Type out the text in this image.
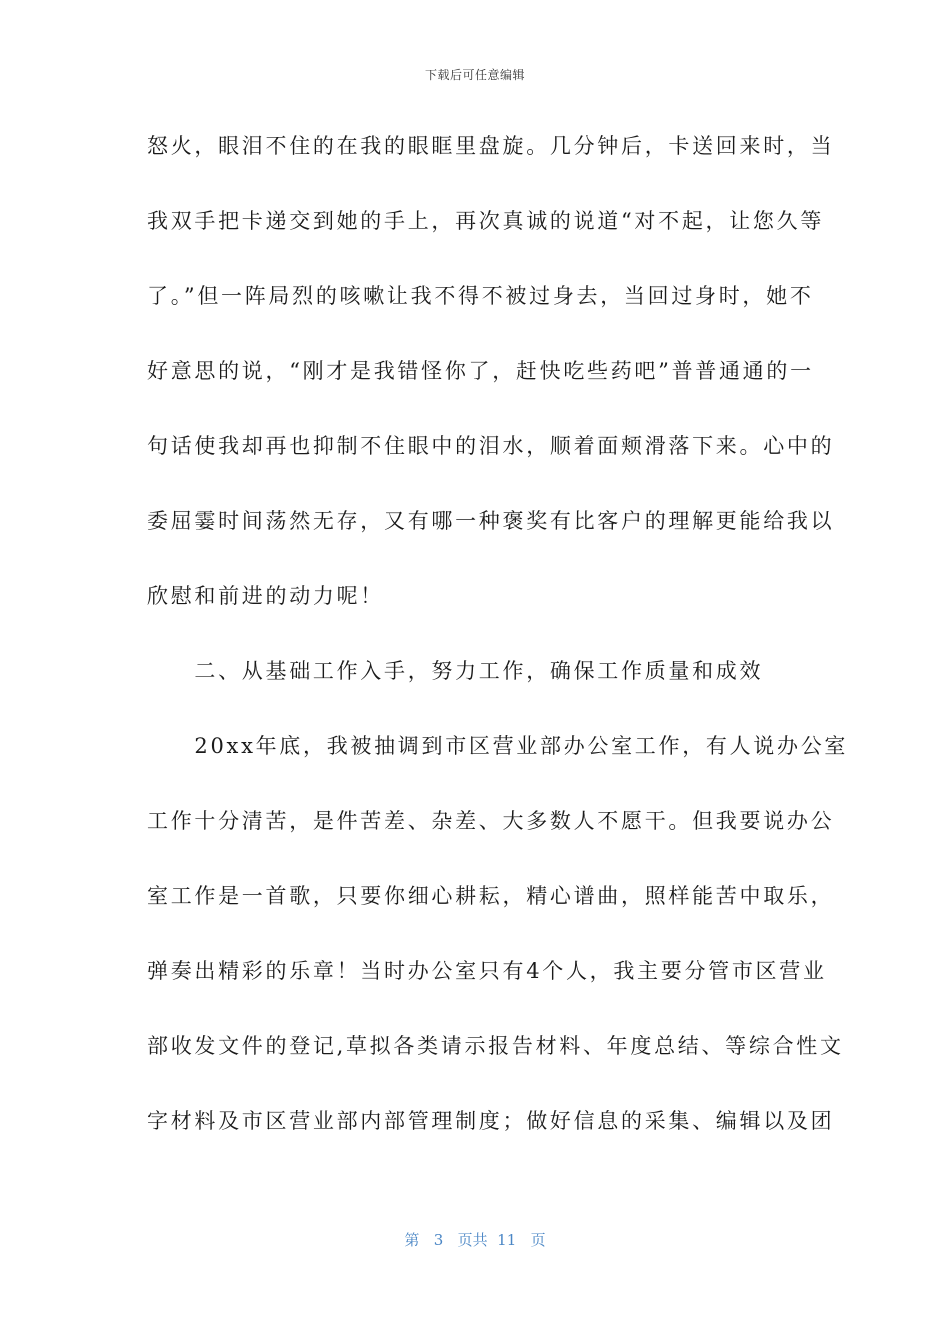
下载后可任意编辑
怒火，眼泪不住的在我的眼眶里盘旋。几分钟后，卡送回来时，当
我双手把卡递交到她的手上，再次真诚的说道“对不起，让您久等
了。”但一阵局烈的咳嗽让我不得不被过身去，当回过身时，她不
好意思的说，“刚才是我错怪你了，赶快吃些药吧”普普通通的一
句话使我却再也抑制不住眼中的泪水，顺着面颊滑落下来。心中的
委屈霎时间荡然无存，又有哪一种褒奖有比客户的理解更能给我以
欣慰和前进的动力呢！
　　二、从基础工作入手，努力工作，确保工作质量和成效
　　20xx年底，我被抽调到市区营业部办公室工作，有人说办公室
工作十分清苦，是件苦差、杂差、大多数人不愿干。但我要说办公
室工作是一首歌，只要你细心耕耘，精心谱曲，照样能苦中取乐，
弹奏出精彩的乐章！当时办公室只有4个人，我主要分管市区营业
部收发文件的登记,草拟各类请示报告材料、年度总结、等综合性文
字材料及市区营业部内部管理制度；做好信息的采集、编辑以及团
第 3 页共 11 页
